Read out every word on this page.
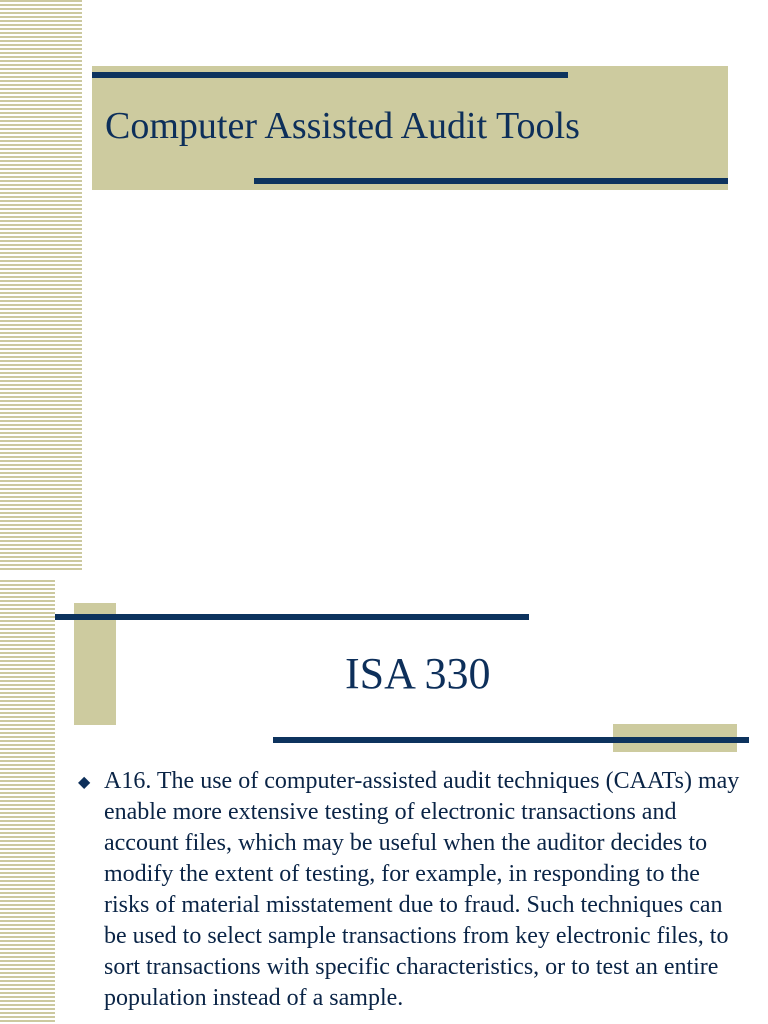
Computer Assisted Audit Tools
ISA 330
◆ A16. The use of computer-assisted audit techniques (CAATs) may enable more extensive testing of electronic transactions and account files, which may be useful when the auditor decides to modify the extent of testing, for example, in responding to the risks of material misstatement due to fraud. Such techniques can be used to select sample transactions from key electronic files, to sort transactions with specific characteristics, or to test an entire population instead of a sample.
